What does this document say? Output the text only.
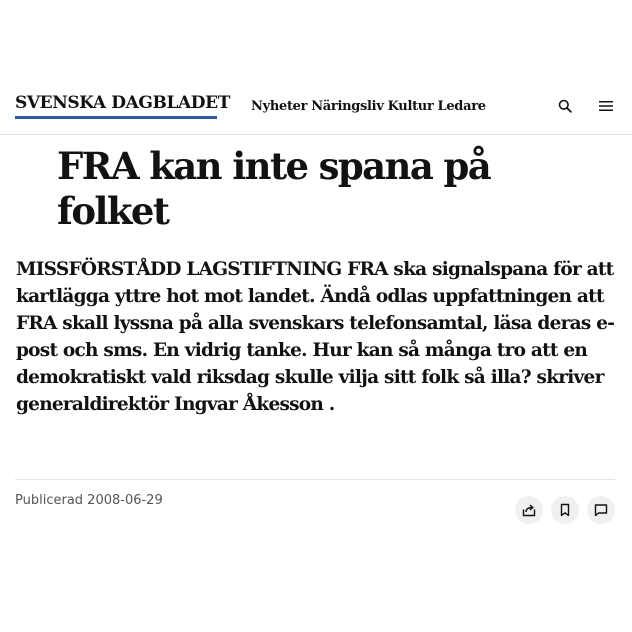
SVENSKA DAGBLADET Nyheter Näringsliv Kultur Ledare
FRA kan inte spana på folket

MISSFÖRSTÅDD LAGSTIFTNING FRA ska signalspana för att kartlägga yttre hot mot landet. Ändå odlas uppfattningen att FRA skall lyssna på alla svenskars telefonsamtal, läsa deras e-post och sms. En vidrig tanke. Hur kan så många tro att en demokratiskt vald riksdag skulle vilja sitt folk så illa? skriver generaldirektör Ingvar Åkesson .

Publicerad 2008-06-29
